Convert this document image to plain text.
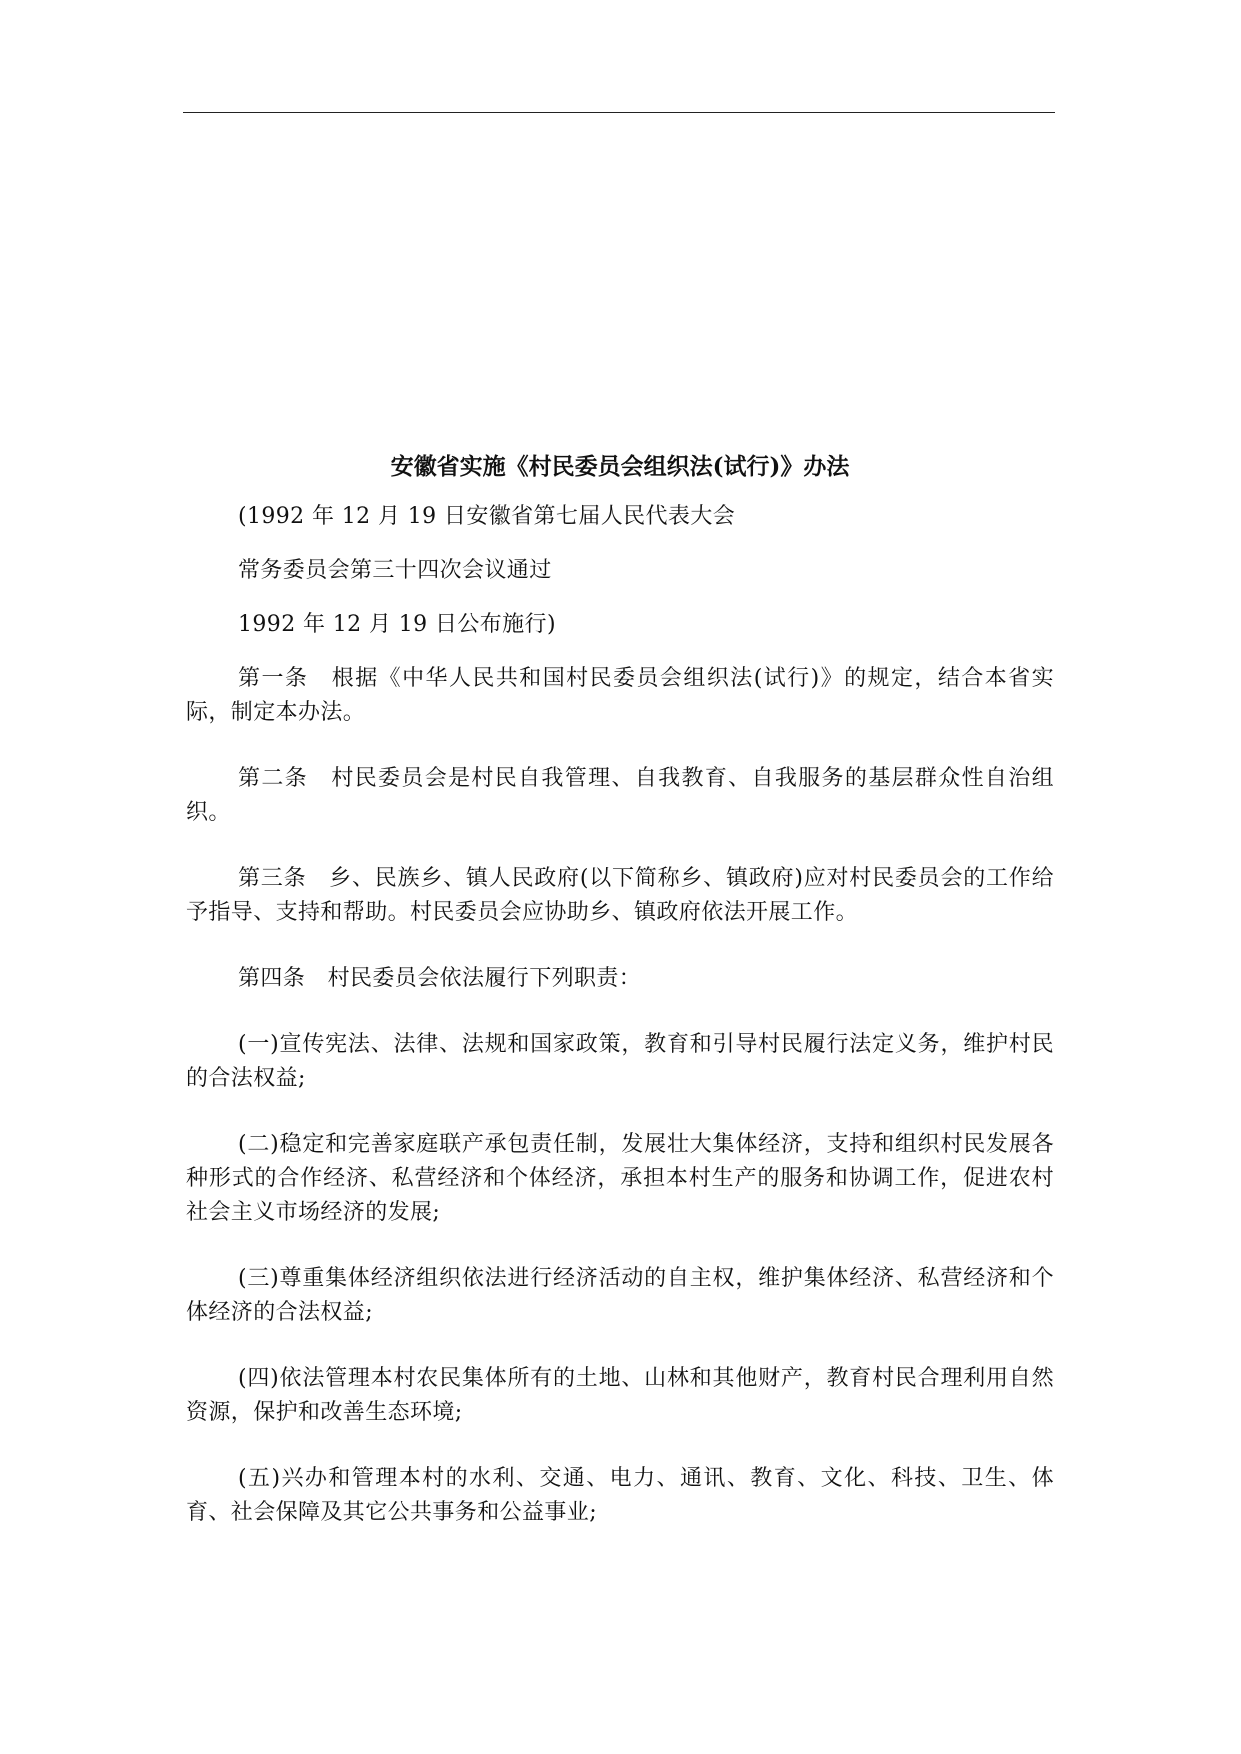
安徽省实施《村民委员会组织法(试行)》办法

(1992 年 12 月 19 日安徽省第七届人民代表大会

常务委员会第三十四次会议通过

1992 年 12 月 19 日公布施行)

第一条　根据《中华人民共和国村民委员会组织法(试行)》的规定，结合本省实际，制定本办法。

第二条　村民委员会是村民自我管理、自我教育、自我服务的基层群众性自治组织。

第三条　乡、民族乡、镇人民政府(以下简称乡、镇政府)应对村民委员会的工作给予指导、支持和帮助。村民委员会应协助乡、镇政府依法开展工作。

第四条　村民委员会依法履行下列职责：

(一)宣传宪法、法律、法规和国家政策，教育和引导村民履行法定义务，维护村民的合法权益;

(二)稳定和完善家庭联产承包责任制，发展壮大集体经济，支持和组织村民发展各种形式的合作经济、私营经济和个体经济，承担本村生产的服务和协调工作，促进农村社会主义市场经济的发展;

(三)尊重集体经济组织依法进行经济活动的自主权，维护集体经济、私营经济和个体经济的合法权益;

(四)依法管理本村农民集体所有的土地、山林和其他财产，教育村民合理利用自然资源，保护和改善生态环境;

(五)兴办和管理本村的水利、交通、电力、通讯、教育、文化、科技、卫生、体育、社会保障及其它公共事务和公益事业;
